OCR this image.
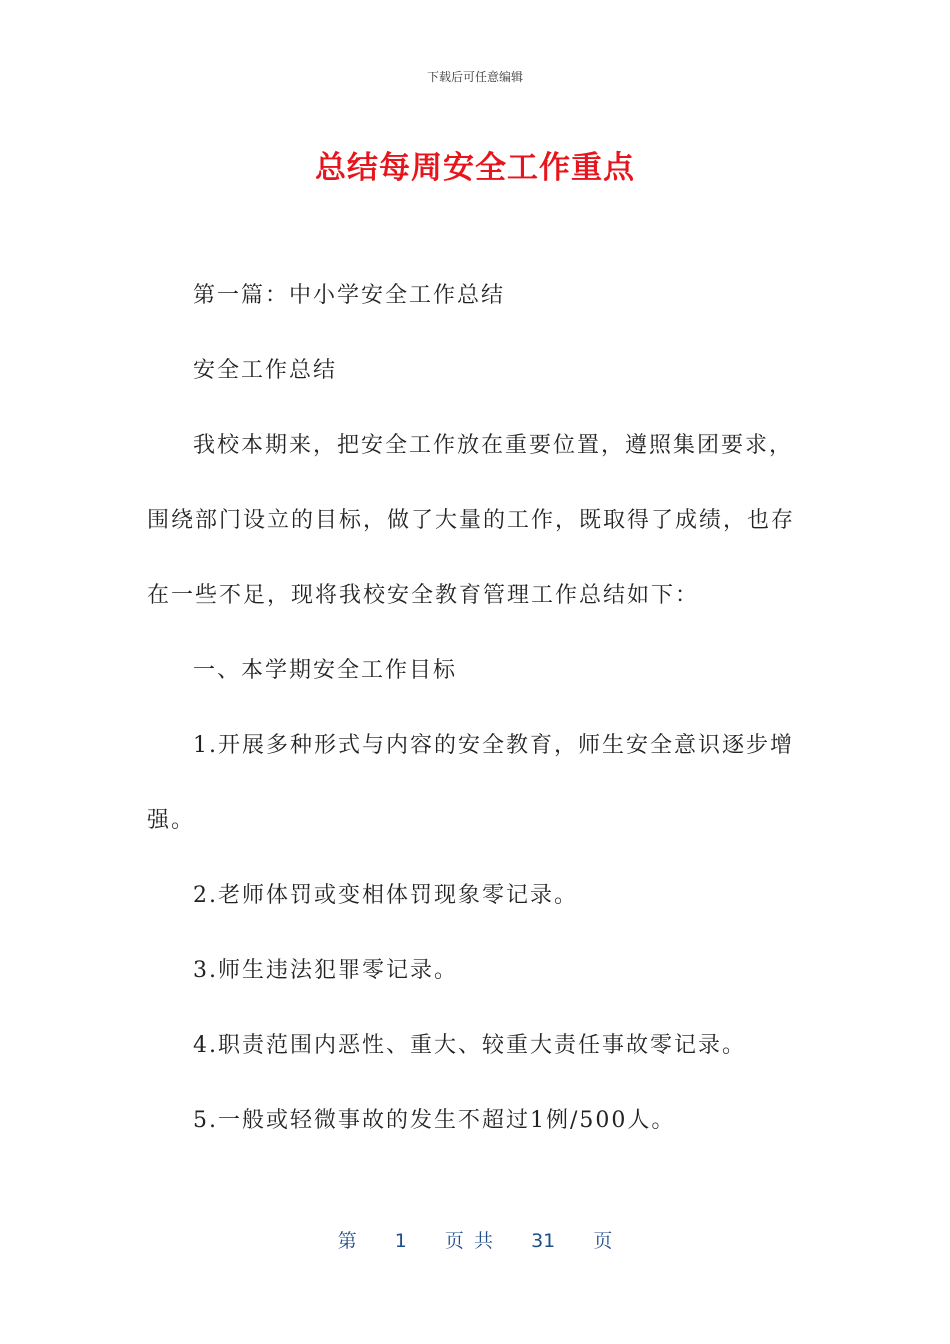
下载后可任意编辑
总结每周安全工作重点

第一篇：中小学安全工作总结

安全工作总结

我校本期来，把安全工作放在重要位置，遵照集团要求，围绕部门设立的目标，做了大量的工作，既取得了成绩，也存在一些不足，现将我校安全教育管理工作总结如下：

一、本学期安全工作目标

1.开展多种形式与内容的安全教育，师生安全意识逐步增强。

2.老师体罚或变相体罚现象零记录。

3.师生违法犯罪零记录。

4.职责范围内恶性、重大、较重大责任事故零记录。

5.一般或轻微事故的发生不超过1例/500人。

第 1 页 共 31 页
